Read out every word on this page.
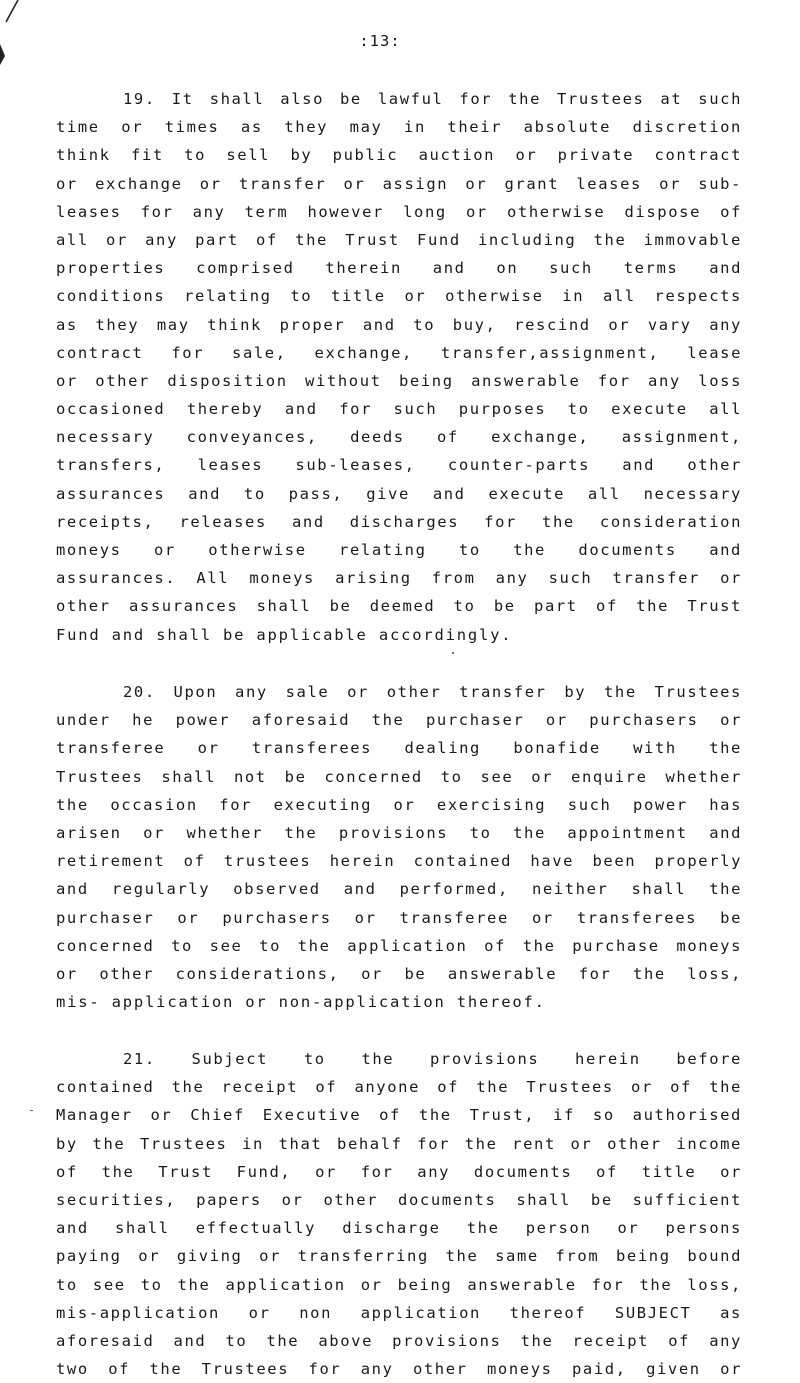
:13:
19. It shall also be lawful for the Trustees at such
time or times as they may in their absolute discretion
think fit to sell by public auction or private contract
or exchange or transfer or assign or grant leases or sub-
leases for any term however long or otherwise dispose of
all or any part of the Trust Fund including the immovable
properties comprised therein and on such terms and
conditions relating to title or otherwise in all respects
as they may think proper and to buy, rescind or vary any
contract for sale, exchange, transfer,assignment, lease
or other disposition without being answerable for any loss
occasioned thereby and for such purposes to execute all
necessary conveyances, deeds of exchange, assignment,
transfers, leases sub-leases, counter-parts and other
assurances and to pass, give and execute all necessary
receipts, releases and discharges for the consideration
moneys or otherwise relating to the documents and
assurances. All moneys arising from any such transfer or
other assurances shall be deemed to be part of the Trust
Fund and shall be applicable accordingly.
20. Upon any sale or other transfer by the Trustees
under he power aforesaid the purchaser or purchasers or
transferee or transferees dealing bonafide with the
Trustees shall not be concerned to see or enquire whether
the occasion for executing or exercising such power has
arisen or whether the provisions to the appointment and
retirement of trustees herein contained have been properly
and regularly observed and performed, neither shall the
purchaser or purchasers or transferee or transferees be
concerned to see to the application of the purchase moneys
or other considerations, or be answerable for the loss,
mis- application or non-application thereof.
21. Subject to the provisions herein before
contained the receipt of anyone of the Trustees or of the
Manager or Chief Executive of the Trust, if so authorised
by the Trustees in that behalf for the rent or other income
of the Trust Fund, or for any documents of title or
securities, papers or other documents shall be sufficient
and shall effectually discharge the person or persons
paying or giving or transferring the same from being bound
to see to the application or being answerable for the loss,
mis-application or non application thereof SUBJECT as
aforesaid and to the above provisions the receipt of any
two of the Trustees for any other moneys paid, given or
